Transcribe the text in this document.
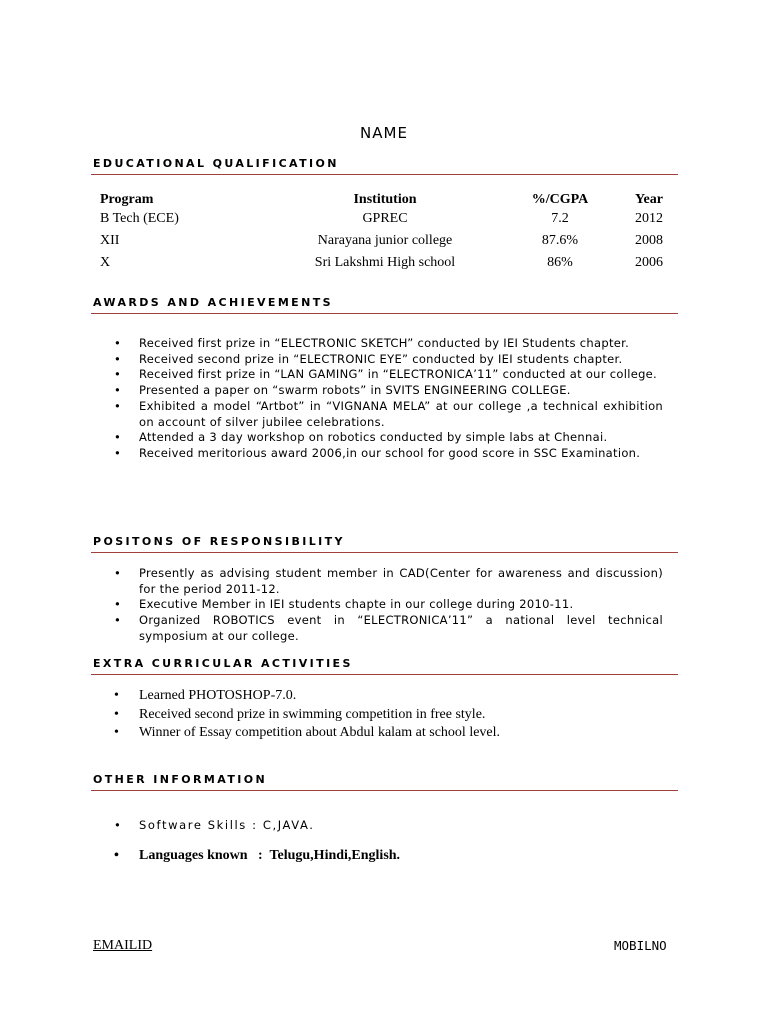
NAME
EDUCATIONAL QUALIFICATION
Program	Institution	%/CGPA	Year
B Tech (ECE)	GPREC	7.2	2012
XII	Narayana junior college	87.6%	2008
X	Sri Lakshmi High school	86%	2006
AWARDS AND ACHIEVEMENTS
• Received first prize in “ELECTRONIC SKETCH” conducted by IEI Students chapter.
• Received second prize in “ELECTRONIC EYE” conducted by IEI students chapter.
• Received first prize in “LAN GAMING” in “ELECTRONICA’11” conducted at our college.
• Presented a paper on “swarm robots” in SVITS ENGINEERING COLLEGE.
• Exhibited a model “Artbot” in “VIGNANA MELA” at our college ,a technical exhibition on account of silver jubilee celebrations.
• Attended a 3 day workshop on robotics conducted by simple labs at Chennai.
• Received meritorious award 2006,in our school for good score in SSC Examination.
POSITONS OF RESPONSIBILITY
• Presently as advising student member in CAD(Center for awareness and discussion) for the period 2011-12.
• Executive Member in IEI students chapte in our college during 2010-11.
• Organized ROBOTICS event in “ELECTRONICA’11” a national level technical symposium at our college.
EXTRA CURRICULAR ACTIVITIES
• Learned PHOTOSHOP-7.0.
• Received second prize in swimming competition in free style.
• Winner of Essay competition about Abdul kalam at school level.
OTHER INFORMATION
• Software Skills : C,JAVA.
• Languages known   :  Telugu,Hindi,English.
EMAILID	MOBILNO
